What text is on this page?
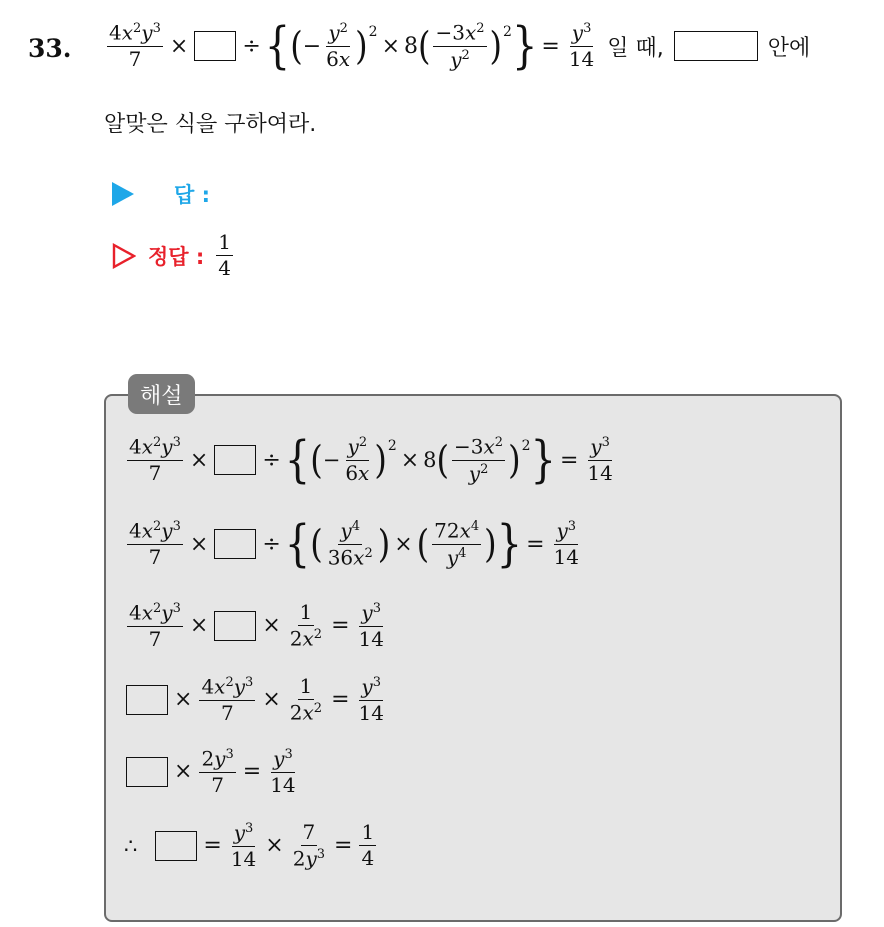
33. $\frac{4x^2y^3}{7}$ × ÷ { ( − $\frac{y^2}{6x}$ ) 2
× 8 ( $\frac{-3x^2}{y^2}$ ) 2 } = $\frac{y^3}{14}$ 일 때,	안에
알맞은 식을 구하여라.
답 :
정답 : $\frac{1}{4}$
해설
$\frac{4x^2y^3}{7}$ × ÷ { ( − $\frac{y^2}{6x}$ ) 2
× 8 ( $\frac{-3x^2}{y^2}$ ) 2 } = $\frac{y^3}{14}$
$\frac{4x^2y^3}{7}$ × ÷ { ( $\frac{y^4}{36x^2}$ ) × ( $\frac{72x^4}{y^4}$ ) } = $\frac{y^3}{14}$
$\frac{4x^2y^3}{7}$ × × $\frac{1}{2x^2} = \frac{y^3}{14}$
× $\frac{4x^2y^3}{7} \times \frac{1}{2x^2} = \frac{y^3}{14}$
× $\frac{2y^3}{7} = \frac{y^3}{14}$
∴	= $\frac{y^3}{14} \times \frac{7}{2y^3} = \frac{1}{4}$
